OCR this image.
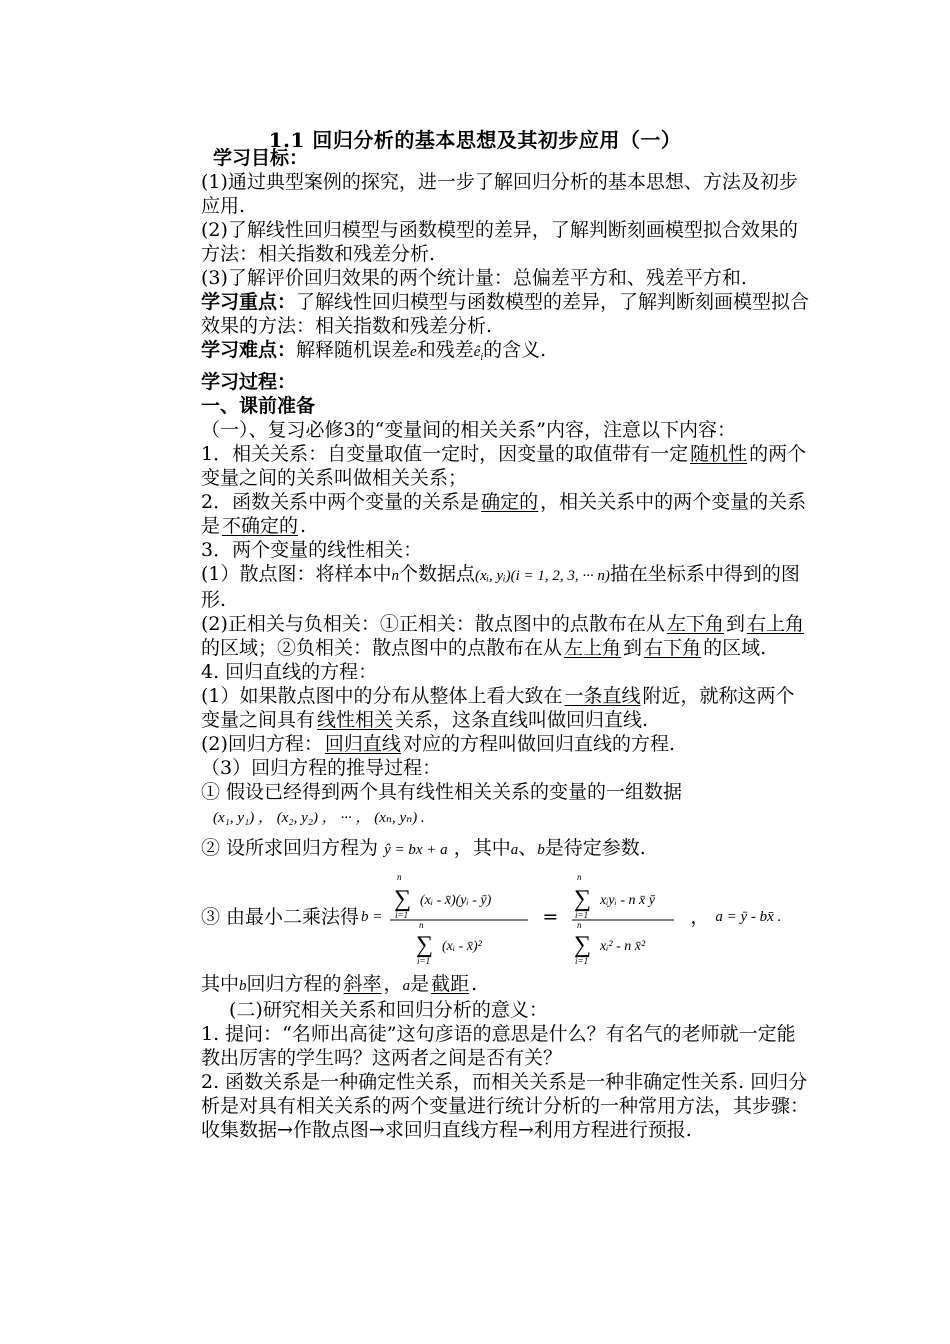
1.1 回归分析的基本思想及其初步应用（一）

学习目标：

(1)通过典型案例的探究，进一步了解回归分析的基本思想、方法及初步应用.

(2)了解线性回归模型与函数模型的差异，了解判断刻画模型拟合效果的方法：相关指数和残差分析.

(3)了解评价回归效果的两个统计量：总偏差平方和、残差平方和.

学习重点：了解线性回归模型与函数模型的差异，了解判断刻画模型拟合效果的方法：相关指数和残差分析.

学习难点：解释随机误差e和残差$ê_i$的含义.

学习过程：

一、课前准备

（一）、复习必修3的“变量间的相关关系”内容，注意以下内容：

1．相关关系：自变量取值一定时，因变量的取值带有一定 随机性 的两个变量之间的关系叫做相关关系；

2．函数关系中两个变量的关系是 确定的 ，相关关系中的两个变量的关系是 不确定的 .

3．两个变量的线性相关：

(1）散点图：将样本中n个数据点(xᵢ, yᵢ)(i = 1, 2, 3, ··· n)描在坐标系中得到的图形.

(2)正相关与负相关：①正相关：散点图中的点散布在从 左下角 到 右上角的区域；②负相关：散点图中的点散布在从 左上角 到 右下角 的区域.

4. 回归直线的方程：

(1）如果散点图中的分布从整体上看大致在 一条直线 附近，就称这两个变量之间具有 线性相关 关系，这条直线叫做回归直线.

(2)回归方程： 回归直线 对应的方程叫做回归直线的方程.

（3）回归方程的推导过程：

① 假设已经得到两个具有线性相关关系的变量的一组数据

(x₁, y₁) ， (x₂, y₂) ， ··· ， (xₙ, yₙ) .

② 设所求回归方程为 ŷ = bx + a ，其中a、b是待定参数.

③ 由最小二乘法得 b =
∑
n
i=1
(xᵢ - x̄)(yᵢ - ȳ)
∑
n
i=1
(xᵢ - x̄)²
=
∑
n
i=1
xᵢyᵢ - n x̄ ȳ
∑
n
i=1
xᵢ² - n x̄²
， a = ȳ - bx̄ .

其中b回归方程的 斜率 ，a是 截距 .

(二)研究相关关系和回归分析的意义：

1. 提问：“名师出高徒”这句彦语的意思是什么？有名气的老师就一定能教出厉害的学生吗？这两者之间是否有关？

2. 函数关系是一种确定性关系，而相关关系是一种非确定性关系. 回归分析是对具有相关关系的两个变量进行统计分析的一种常用方法，其步骤：收集数据→作散点图→求回归直线方程→利用方程进行预报.
